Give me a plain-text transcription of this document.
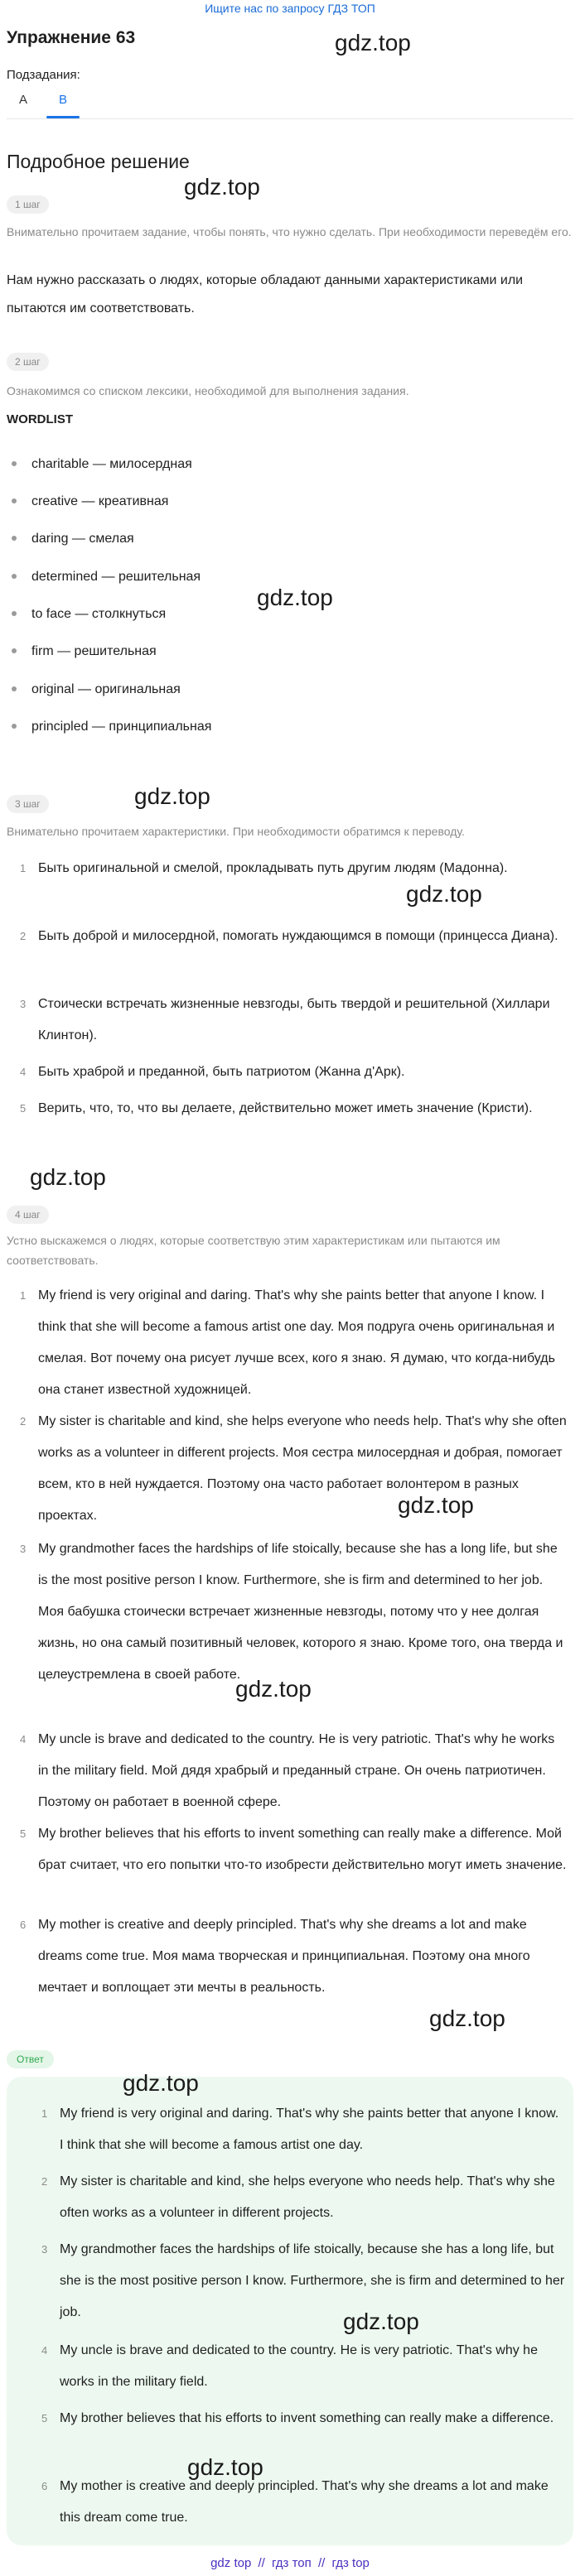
Ищите нас по запросу ГДЗ ТОП
Упражнение 63
Подзадания:
A	B
Подробное решение
1 шаг
Внимательно прочитаем задание, чтобы понять, что нужно сделать. При необходимости переведём его.
Нам нужно рассказать о людях, которые обладают данными характеристиками или пытаются им соответствовать.
2 шаг
Ознакомимся со списком лексики, необходимой для выполнения задания.
WORDLIST
charitable — милосердная
creative — креативная
daring — смелая
determined — решительная
to face — столкнуться
firm — решительная
original — оригинальная
principled — принципиальная
3 шаг
Внимательно прочитаем характеристики. При необходимости обратимся к переводу.
1 Быть оригинальной и смелой, прокладывать путь другим людям (Мадонна).
2 Быть доброй и милосердной, помогать нуждающимся в помощи (принцесса Диана).
3 Стоически встречать жизненные невзгоды, быть твердой и решительной (Хиллари Клинтон).
4 Быть храброй и преданной, быть патриотом (Жанна д'Арк).
5 Верить, что, то, что вы делаете, действительно может иметь значение (Кристи).
4 шаг
Устно выскажемся о людях, которые соответствую этим характеристикам или пытаются им соответствовать.
1 My friend is very original and daring. That's why she paints better that anyone I know. I think that she will become a famous artist one day. Моя подруга очень оригинальная и смелая. Вот почему она рисует лучше всех, кого я знаю. Я думаю, что когда-нибудь она станет известной художницей.
2 My sister is charitable and kind, she helps everyone who needs help. That's why she often works as a volunteer in different projects. Моя сестра милосердная и добрая, помогает всем, кто в ней нуждается. Поэтому она часто работает волонтером в разных проектах.
3 My grandmother faces the hardships of life stoically, because she has a long life, but she is the most positive person I know. Furthermore, she is firm and determined to her job. Моя бабушка стоически встречает жизненные невзгоды, потому что у нее долгая жизнь, но она самый позитивный человек, которого я знаю. Кроме того, она тверда и целеустремлена в своей работе.
4 My uncle is brave and dedicated to the country. He is very patriotic. That's why he works in the military field. Мой дядя храбрый и преданный стране. Он очень патриотичен. Поэтому он работает в военной сфере.
5 My brother believes that his efforts to invent something can really make a difference. Мой брат считает, что его попытки что-то изобрести действительно могут иметь значение.
6 My mother is creative and deeply principled. That's why she dreams a lot and make dreams come true. Моя мама творческая и принципиальная. Поэтому она много мечтает и воплощает эти мечты в реальность.
Ответ
1 My friend is very original and daring. That's why she paints better that anyone I know. I think that she will become a famous artist one day.
2 My sister is charitable and kind, she helps everyone who needs help. That's why she often works as a volunteer in different projects.
3 My grandmother faces the hardships of life stoically, because she has a long life, but she is the most positive person I know. Furthermore, she is firm and determined to her job.
4 My uncle is brave and dedicated to the country. He is very patriotic. That's why he works in the military field.
5 My brother believes that his efforts to invent something can really make a difference.
6 My mother is creative and deeply principled. That's why she dreams a lot and make this dream come true.
gdz.top
gdz.top
gdz.top
gdz.top
gdz.top
gdz.top
gdz.top
gdz.top
gdz.top
gdz.top
gdz.top
gdz.top
gdz top // гдз топ // гдз top
